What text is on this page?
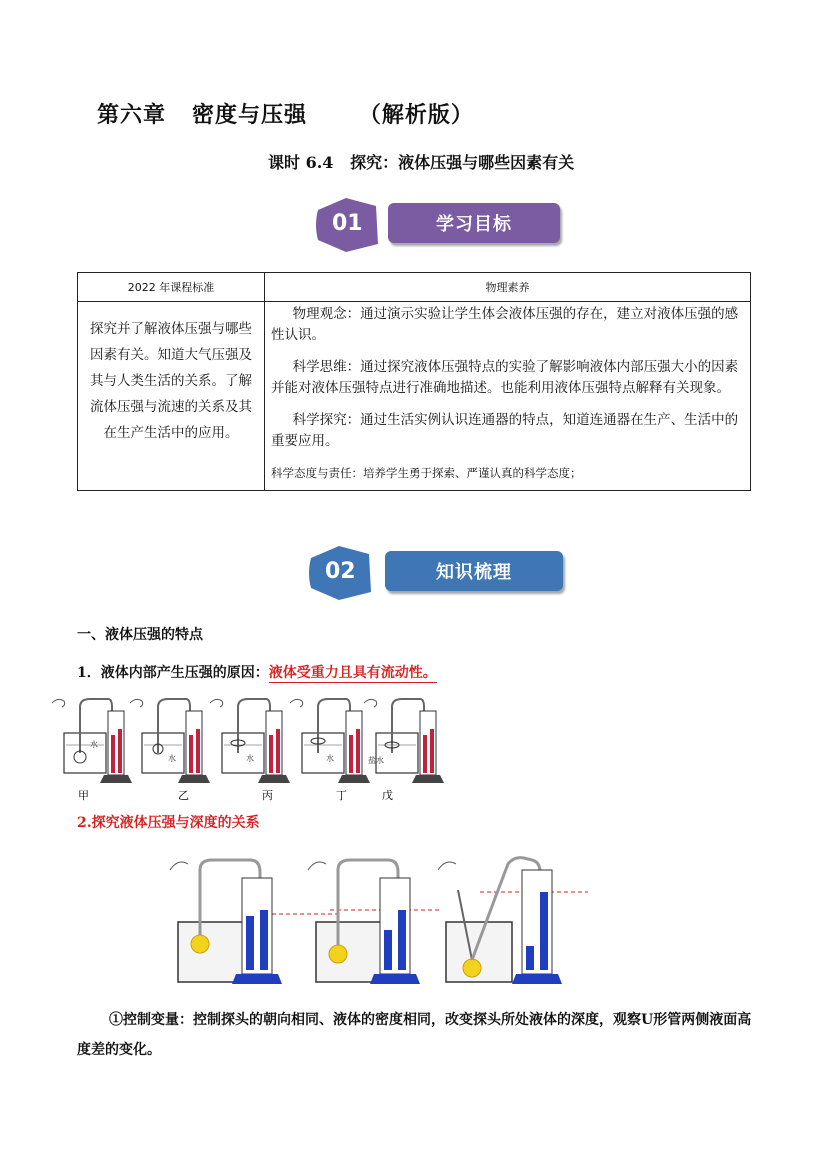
第六章   密度与压强      （解析版）
课时 6.4   探究：液体压强与哪些因素有关
01	学习目标
2022 年课程标准	物理素养
探究并了解液体压强与哪些因素有关。知道大气压强及其与人类生活的关系。了解流体压强与流速的关系及其在生产生活中的应用。	物理观念：通过演示实验让学生体会液体压强的存在，建立对液体压强的感性认识。

科学思维：通过探究液体压强特点的实验了解影响液体内部压强大小的因素并能对液体压强特点进行准确地描述。也能利用液体压强特点解释有关现象。

科学探究：通过生活实例认识连通器的特点，知道连通器在生产、生活中的重要应用。

科学态度与责任：培养学生勇于探索、严谨认真的科学态度；

02	知识梳理
一、液体压强的特点
1．液体内部产生压强的原因：液体受重力且具有流动性。
水
水	水	水	盐水
甲	乙	丙	丁	戊
2.探究液体压强与深度的关系
①控制变量：控制探头的朝向相同、液体的密度相同，改变探头所处液体的深度，观察U形管两侧液面高度差的变化。
